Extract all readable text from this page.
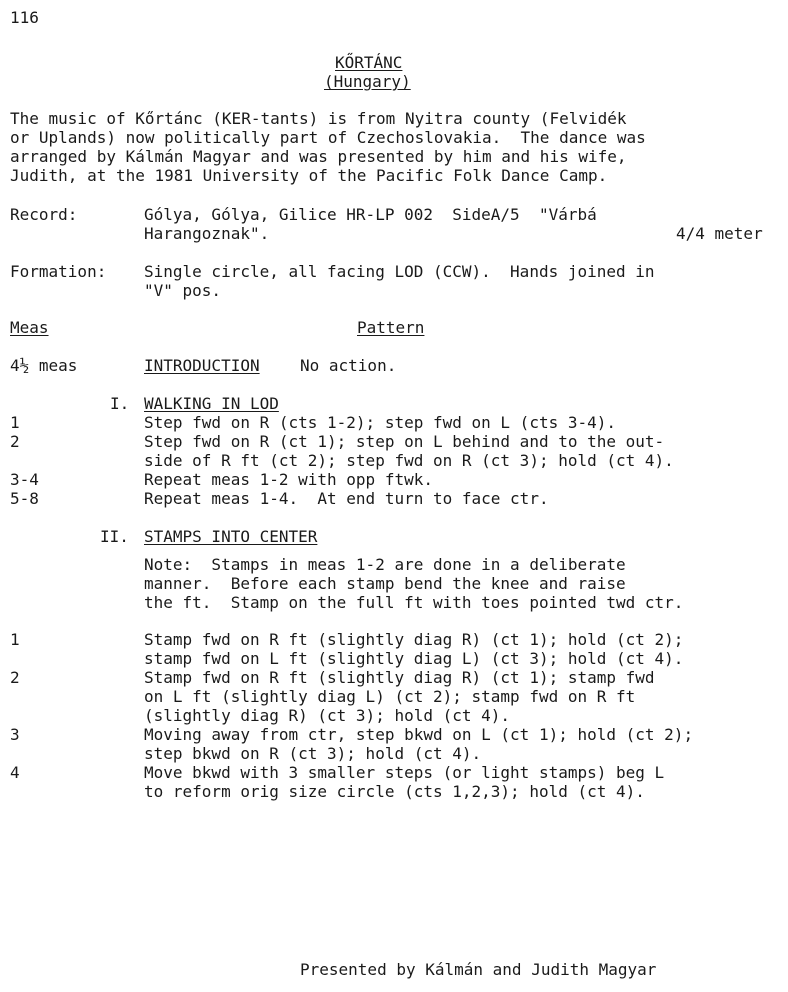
116
KŐRTÁNC
(Hungary)
The music of Kőrtánc (KER-tants) is from Nyitra county (Felvidék
or Uplands) now politically part of Czechoslovakia.  The dance was
arranged by Kálmán Magyar and was presented by him and his wife,
Judith, at the 1981 University of the Pacific Folk Dance Camp.
Record:	Gólya, Gólya, Gilice HR-LP 002  SideA/5  "Várbá
Harangoznak".	4/4 meter
Formation: Single circle, all facing LOD (CCW).  Hands joined in
"V" pos.
Meas	Pattern
4½ meas	INTRODUCTION	No action.
I. WALKING IN LOD
1	Step fwd on R (cts 1-2); step fwd on L (cts 3-4).
2	Step fwd on R (ct 1); step on L behind and to the out-
side of R ft (ct 2); step fwd on R (ct 3); hold (ct 4).
3-4	Repeat meas 1-2 with opp ftwk.
5-8	Repeat meas 1-4.  At end turn to face ctr.
II. STAMPS INTO CENTER
Note:  Stamps in meas 1-2 are done in a deliberate
manner.  Before each stamp bend the knee and raise
the ft.  Stamp on the full ft with toes pointed twd ctr.
1	Stamp fwd on R ft (slightly diag R) (ct 1); hold (ct 2);
stamp fwd on L ft (slightly diag L) (ct 3); hold (ct 4).
2	Stamp fwd on R ft (slightly diag R) (ct 1); stamp fwd
on L ft (slightly diag L) (ct 2); stamp fwd on R ft
(slightly diag R) (ct 3); hold (ct 4).
3	Moving away from ctr, step bkwd on L (ct 1); hold (ct 2);
step bkwd on R (ct 3); hold (ct 4).
4	Move bkwd with 3 smaller steps (or light stamps) beg L
to reform orig size circle (cts 1,2,3); hold (ct 4).
Presented by Kálmán and Judith Magyar
